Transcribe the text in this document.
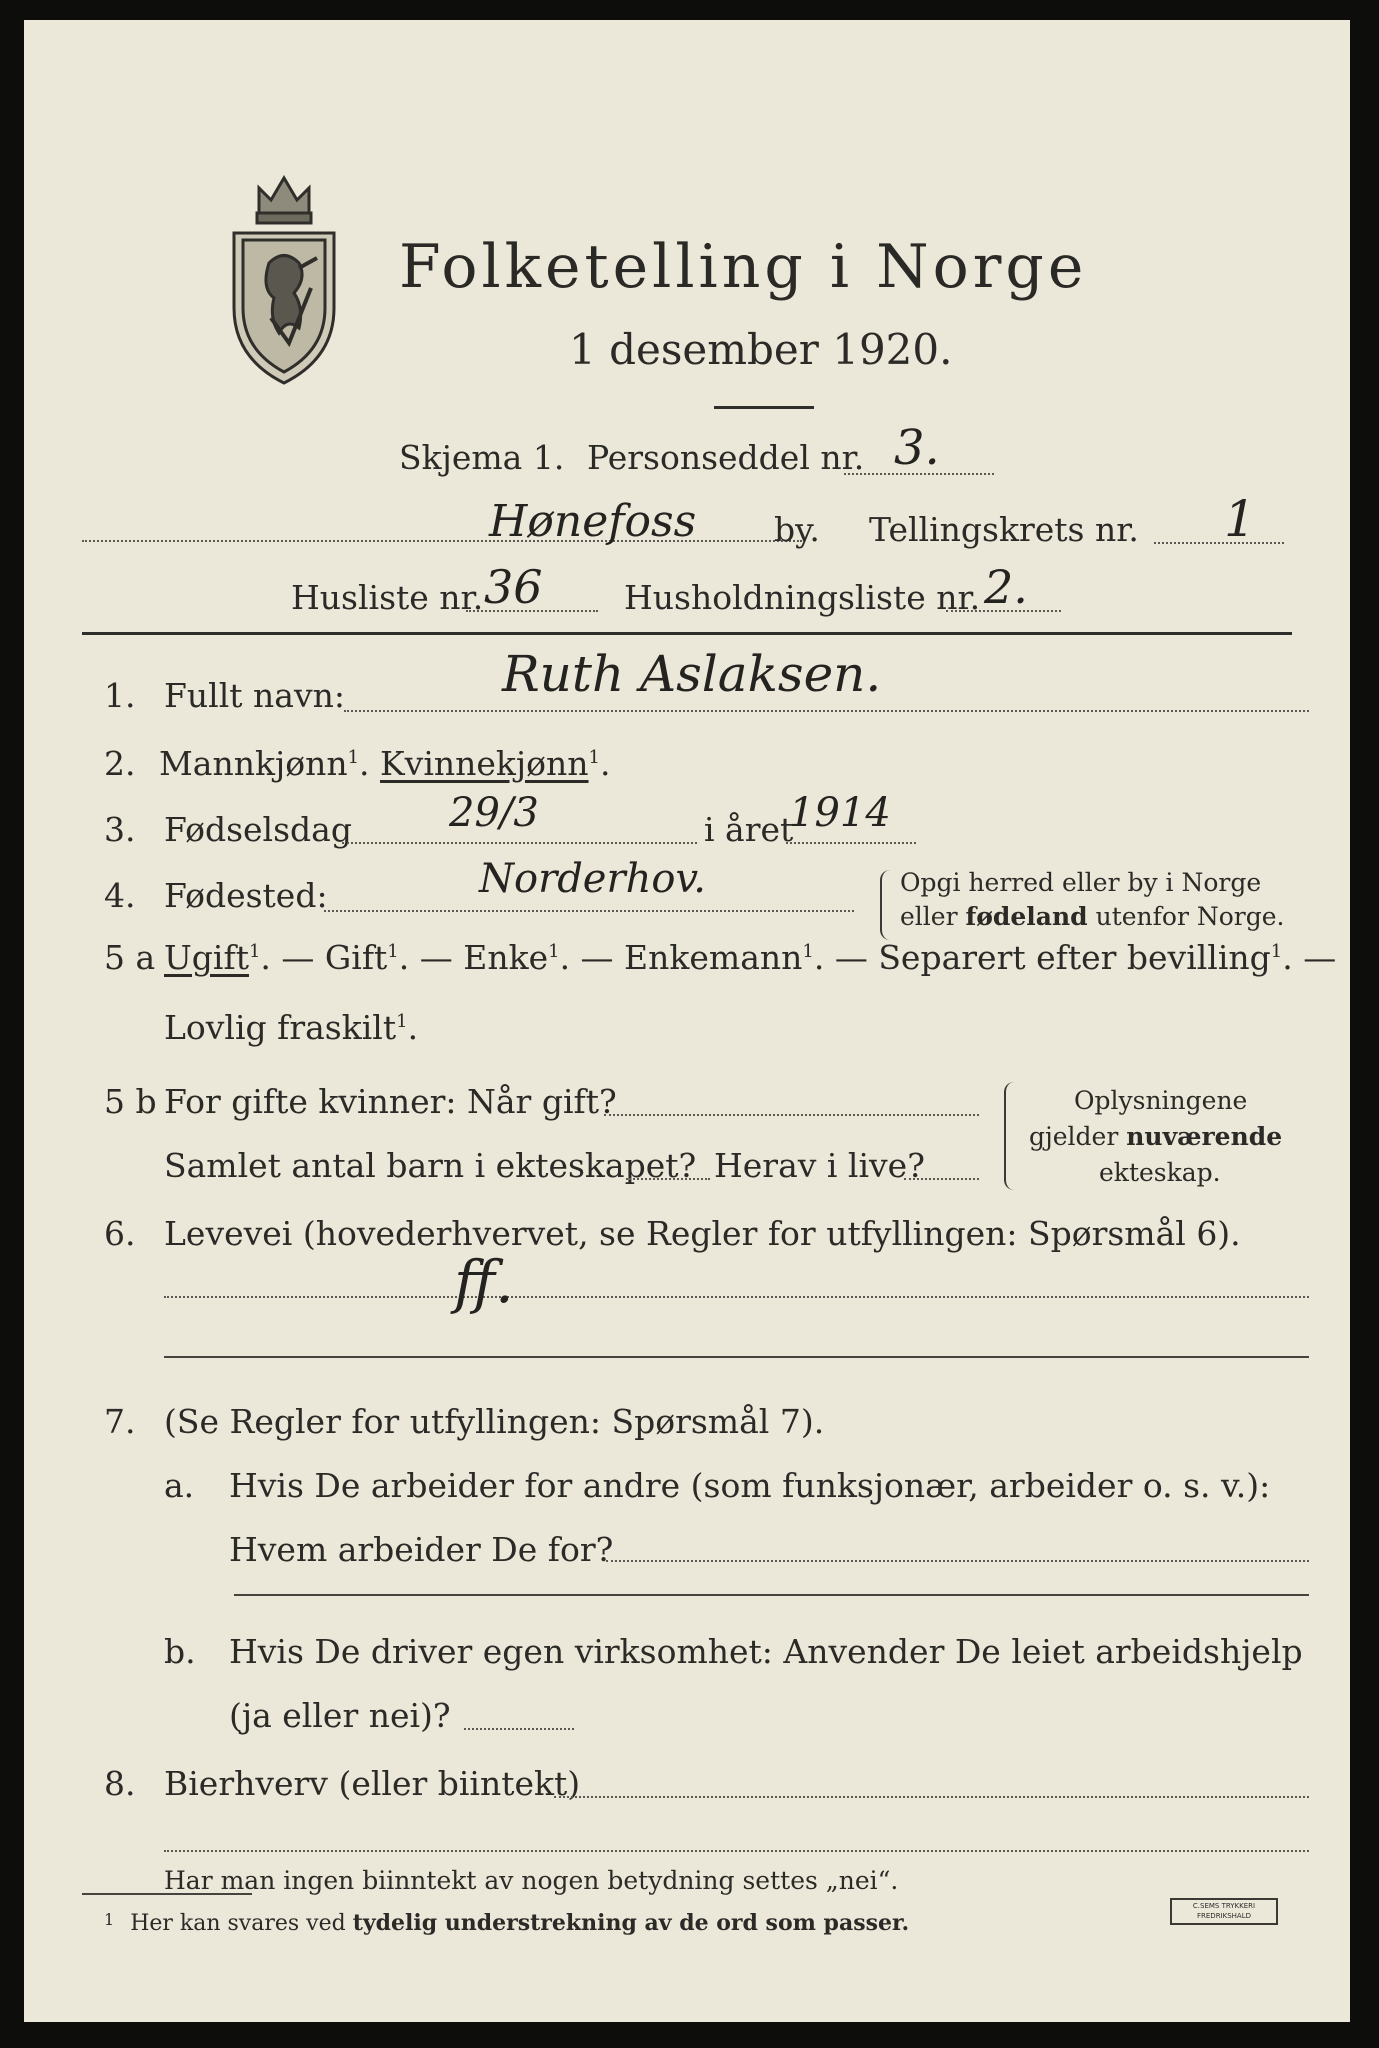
Folketelling i Norge
1 desember 1920.
Skjema 1. Personseddel nr. 3.
Hønefoss by. Tellingskrets nr. 1
Husliste nr. 36 Husholdningsliste nr. 2.
1. Fullt navn:	Ruth Aslaksen.
2. Mannkjønn$^1$. Kvinnekjønn$^1$.
3. Fødselsdag 29/3	i året
1914
4. Fødested:	Norderhov.	Opgi herred eller by i Norge
eller fødeland utenfor Norge.
5 a Ugift$^1$. — Gift$^1$. — Enke$^1$. — Enkemann$^1$. — Separert efter bevilling$^1$. —
Lovlig fraskilt$^1$.
5 b For gifte kvinner: Når gift?
Samlet antal barn i ekteskapet? Herav i live?
Oplysningene
gjelder nuværende
ekteskap.
6. Levevei (hovederhvervet, se Regler for utfyllingen: Spørsmål 6).
ff.
7. (Se Regler for utfyllingen: Spørsmål 7).
a. Hvis De arbeider for andre (som funksjonær, arbeider o. s. v.):
Hvem arbeider De for?
b. Hvis De driver egen virksomhet: Anvender De leiet arbeidshjelp
(ja eller nei)?
8. Bierhverv (eller biintekt)
Har man ingen biinntekt av nogen betydning settes „nei“.
$^1$ Her kan svares ved tydelig understrekning av de ord som passer.
C.SEMS TRYKKERI
FREDRIKSHALD
